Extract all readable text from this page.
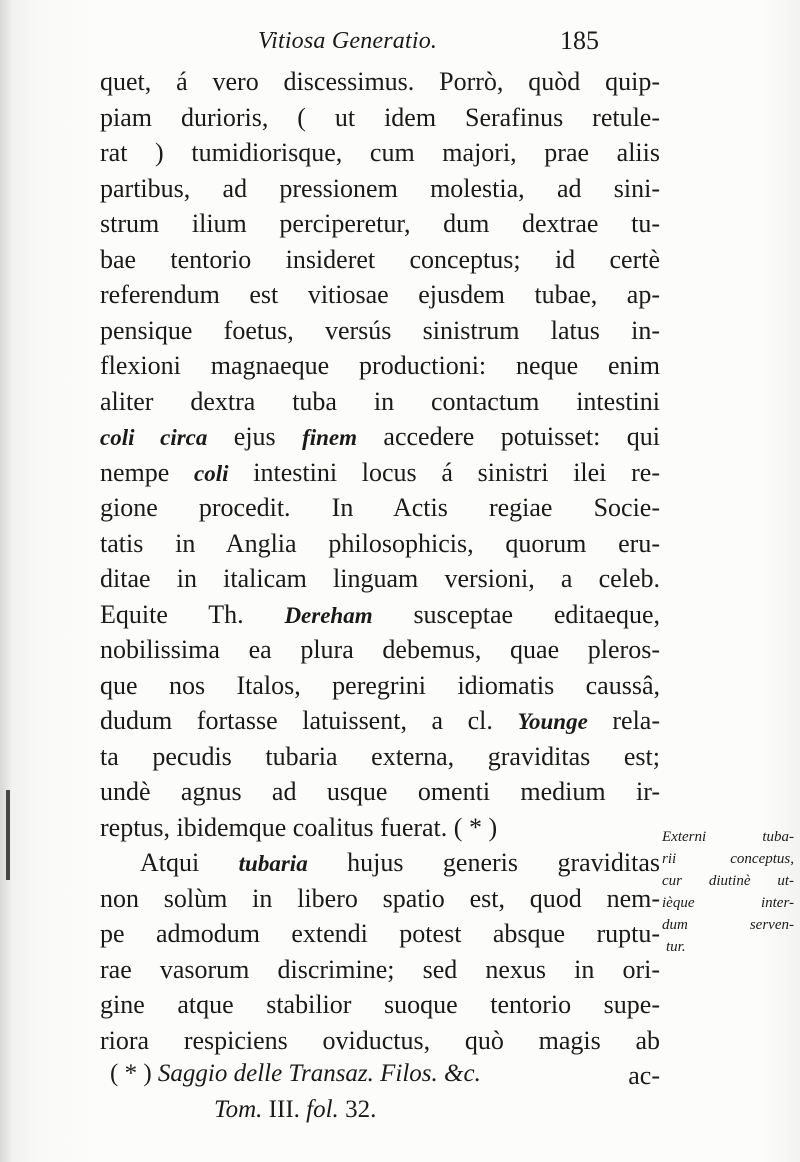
Vitiosa Generatio.	185
quet, á vero discessimus. Porrò, quòd quip-
piam durioris, ( ut idem Serafinus retule-
rat ) tumidiorisque, cum majori, prae aliis
partibus, ad pressionem molestia, ad sini-
strum ilium perciperetur, dum dextrae tu-
bae tentorio insideret conceptus; id certè
referendum est vitiosae ejusdem tubae, ap-
pensique foetus, versús sinistrum latus in-
flexioni magnaeque productioni: neque enim
aliter dextra tuba in contactum intestini
coli circa ejus finem accedere potuisset: qui
nempe coli intestini locus á sinistri ilei re-
gione procedit. In Actis regiae Socie-
tatis in Anglia philosophicis, quorum eru-
ditae in italicam linguam versioni, a celeb.
Equite Th. Dereham susceptae editaeque,
nobilissima ea plura debemus, quae pleros-
que nos Italos, peregrini idiomatis caussâ,
dudum fortasse latuissent, a cl. Younge rela-
ta pecudis tubaria externa, graviditas est;
undè agnus ad usque omenti medium ir-
reptus, ibidemque coalitus fuerat. ( * )
Atqui tubaria hujus generis graviditas
non solùm in libero spatio est, quod nem-
pe admodum extendi potest absque ruptu-
rae vasorum discrimine; sed nexus in ori-
gine atque stabilior suoque tentorio supe-
riora respiciens oviductus, quò magis ab
ac-
Externi tuba-
rii conceptus,
cur diutinè ut-
ièque inter-
dum serven-
tur.
( * ) Saggio delle Transaz. Filos. &c.
Tom. III. fol. 32.
